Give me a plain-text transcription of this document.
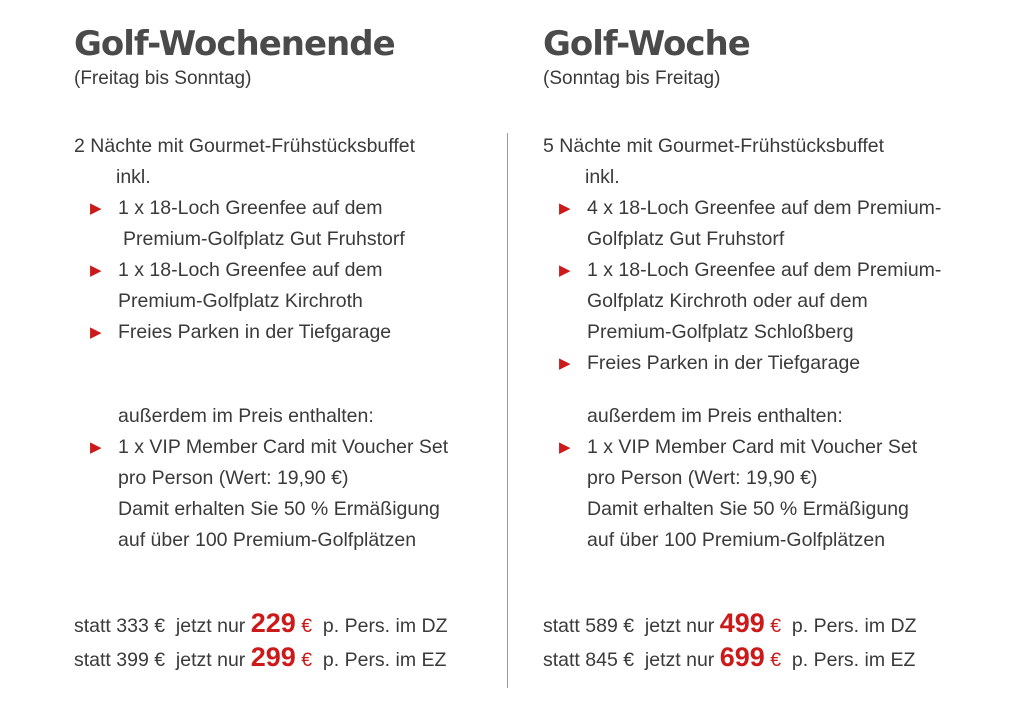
Golf-Wochenende
(Freitag bis Sonntag)
2 Nächte mit Gourmet-Frühstücksbuffet
inkl.
▶ 1 x 18-Loch Greenfee auf dem
Premium-Golfplatz Gut Fruhstorf
▶ 1 x 18-Loch Greenfee auf dem
Premium-Golfplatz Kirchroth
▶ Freies Parken in der Tiefgarage
außerdem im Preis enthalten:
▶ 1 x VIP Member Card mit Voucher Set
pro Person (Wert: 19,90 €)
Damit erhalten Sie 50 % Ermäßigung
auf über 100 Premium-Golfplätzen
statt 333 € jetzt nur 229 € p. Pers. im DZ
statt 399 € jetzt nur 299 € p. Pers. im EZ
Golf-Woche
(Sonntag bis Freitag)
5 Nächte mit Gourmet-Frühstücksbuffet
inkl.
▶ 4 x 18-Loch Greenfee auf dem Premium-
Golfplatz Gut Fruhstorf
▶ 1 x 18-Loch Greenfee auf dem Premium-
Golfplatz Kirchroth oder auf dem
Premium-Golfplatz Schloßberg
▶ Freies Parken in der Tiefgarage
außerdem im Preis enthalten:
▶ 1 x VIP Member Card mit Voucher Set
pro Person (Wert: 19,90 €)
Damit erhalten Sie 50 % Ermäßigung
auf über 100 Premium-Golfplätzen
statt 589 € jetzt nur 499 € p. Pers. im DZ
statt 845 € jetzt nur 699 € p. Pers. im EZ
